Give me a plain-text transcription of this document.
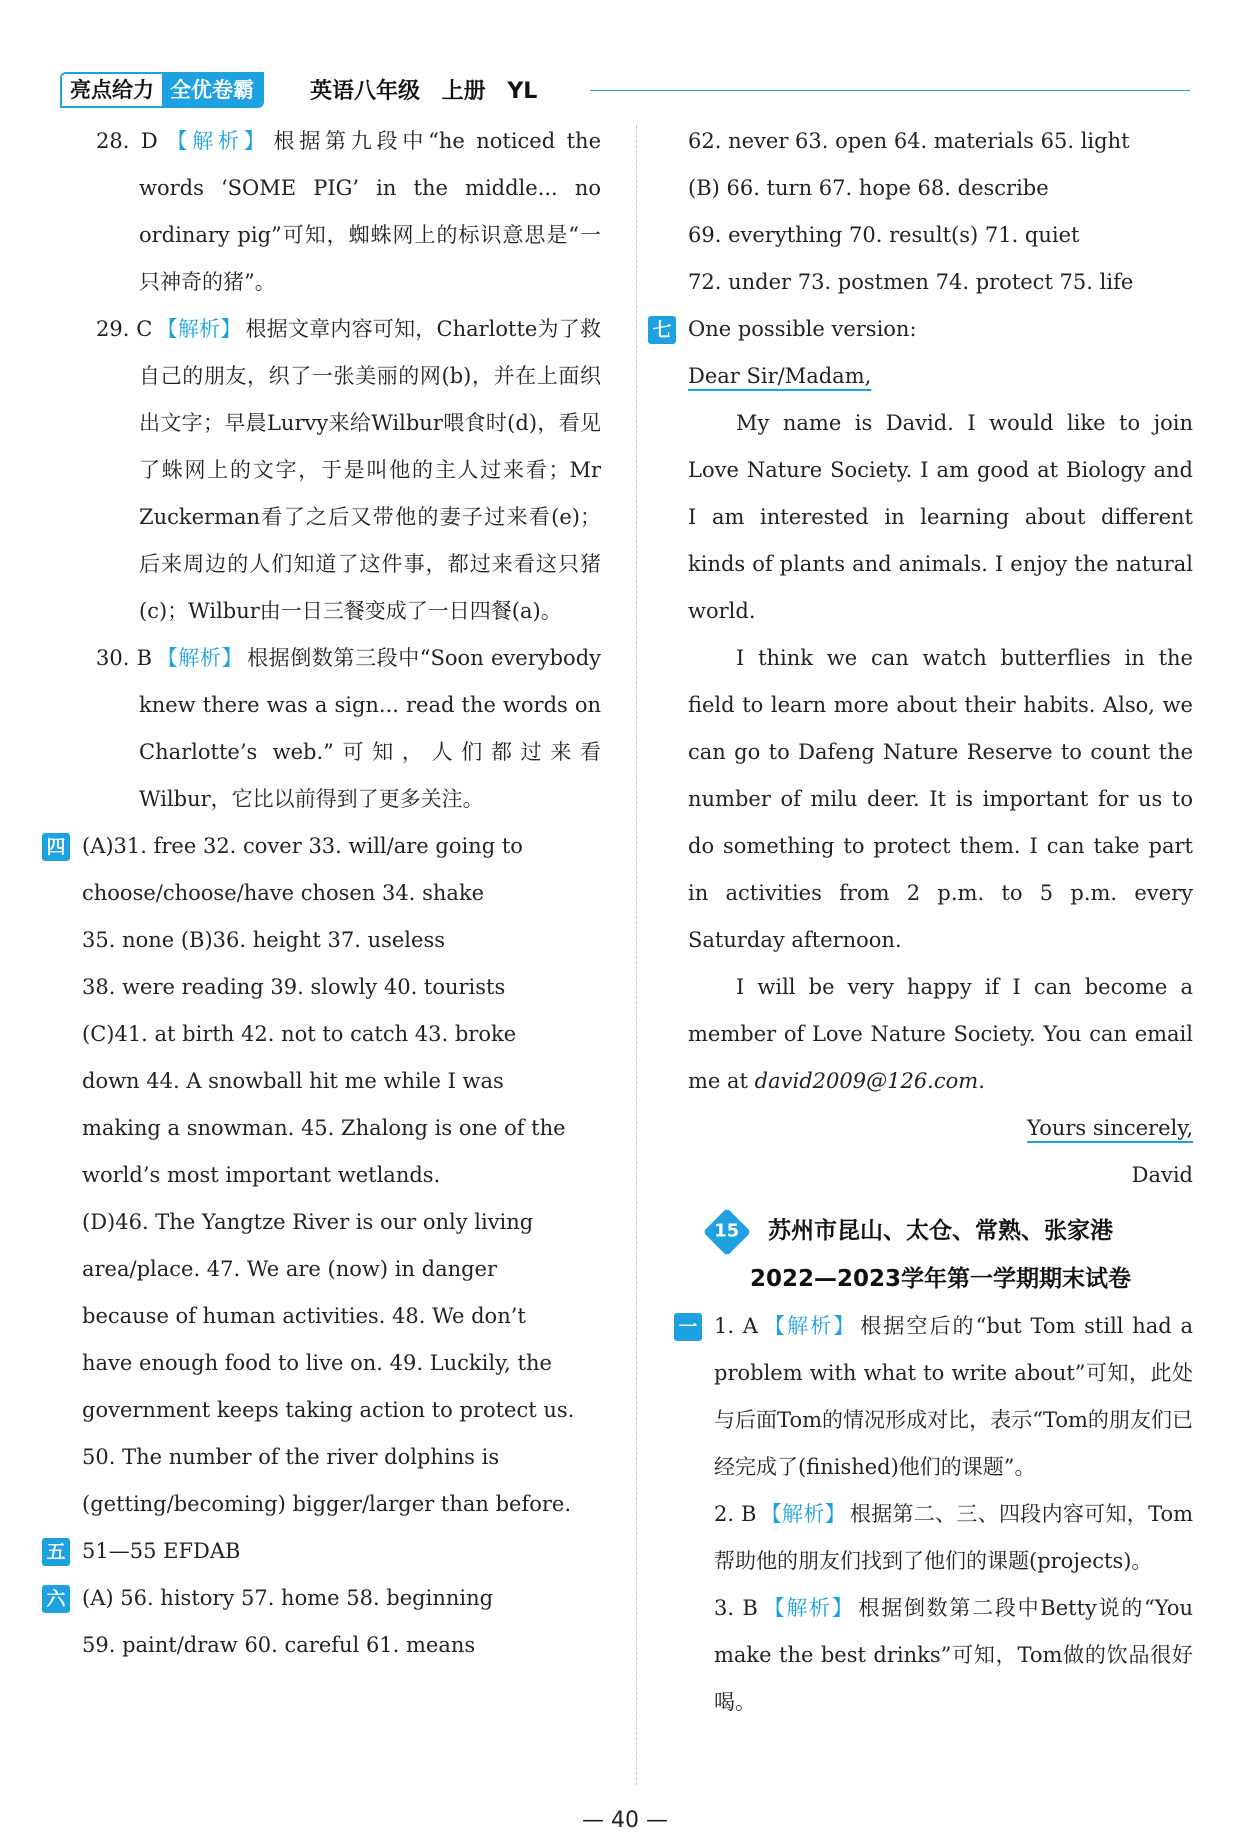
亮点给力 全优卷霸	英语八年级 上册 YL

28. D 【解析】 根据第九段中“he noticed the words ‘SOME PIG’ in the middle... no ordinary pig”可知，蜘蛛网上的标识意思是“一只神奇的猪”。

29. C 【解析】 根据文章内容可知，Charlotte为了救自己的朋友，织了一张美丽的网(b)，并在上面织出文字；早晨Lurvy来给Wilbur喂食时(d)，看见了蛛网上的文字，于是叫他的主人过来看；Mr Zuckerman看了之后又带他的妻子过来看(e)；后来周边的人们知道了这件事，都过来看这只猪(c)；Wilbur由一日三餐变成了一日四餐(a)。

30. B 【解析】 根据倒数第三段中“Soon everybody knew there was a sign... read the words on Charlotte’s web.”可知，人们都过来看Wilbur，它比以前得到了更多关注。

四 (A)31. free 32. cover 33. will/are going to
choose/choose/have chosen 34. shake
35. none (B)36. height 37. useless
38. were reading 39. slowly 40. tourists
(C)41. at birth 42. not to catch 43. broke
down 44. A snowball hit me while I was
making a snowman. 45. Zhalong is one of the
world’s most important wetlands.
(D)46. The Yangtze River is our only living
area/place. 47. We are (now) in danger
because of human activities. 48. We don’t
have enough food to live on. 49. Luckily, the
government keeps taking action to protect us.
50. The number of the river dolphins is
(getting/becoming) bigger/larger than before.
五 51—55 EFDAB
六 (A) 56. history 57. home 58. beginning
59. paint/draw 60. careful 61. means
62. never 63. open 64. materials 65. light
(B) 66. turn 67. hope 68. describe
69. everything 70. result(s) 71. quiet
72. under 73. postmen 74. protect 75. life
七 One possible version:
Dear Sir/Madam,

My name is David. I would like to join Love Nature Society. I am good at Biology and I am interested in learning about different kinds of plants and animals. I enjoy the natural world.

I think we can watch butterflies in the field to learn more about their habits. Also, we can go to Dafeng Nature Reserve to count the number of milu deer. It is important for us to do something to protect them. I can take part in activities from 2 p.m. to 5 p.m. every Saturday afternoon.

I will be very happy if I can become a member of Love Nature Society. You can email me at david2009@126.com.

Yours sincerely,
David
15	苏州市昆山、太仓、常熟、张家港
2022—2023学年第一学期期末试卷
一 1. A 【解析】 根据空后的“but Tom still had a problem with what to write about”可知，此处与后面Tom的情况形成对比，表示“Tom的朋友们已经完成了(finished)他们的课题”。

2. B 【解析】 根据第二、三、四段内容可知，Tom帮助他的朋友们找到了他们的课题(projects)。

3. B 【解析】 根据倒数第二段中Betty说的“You make the best drinks”可知，Tom做的饮品很好喝。

— 40 —
